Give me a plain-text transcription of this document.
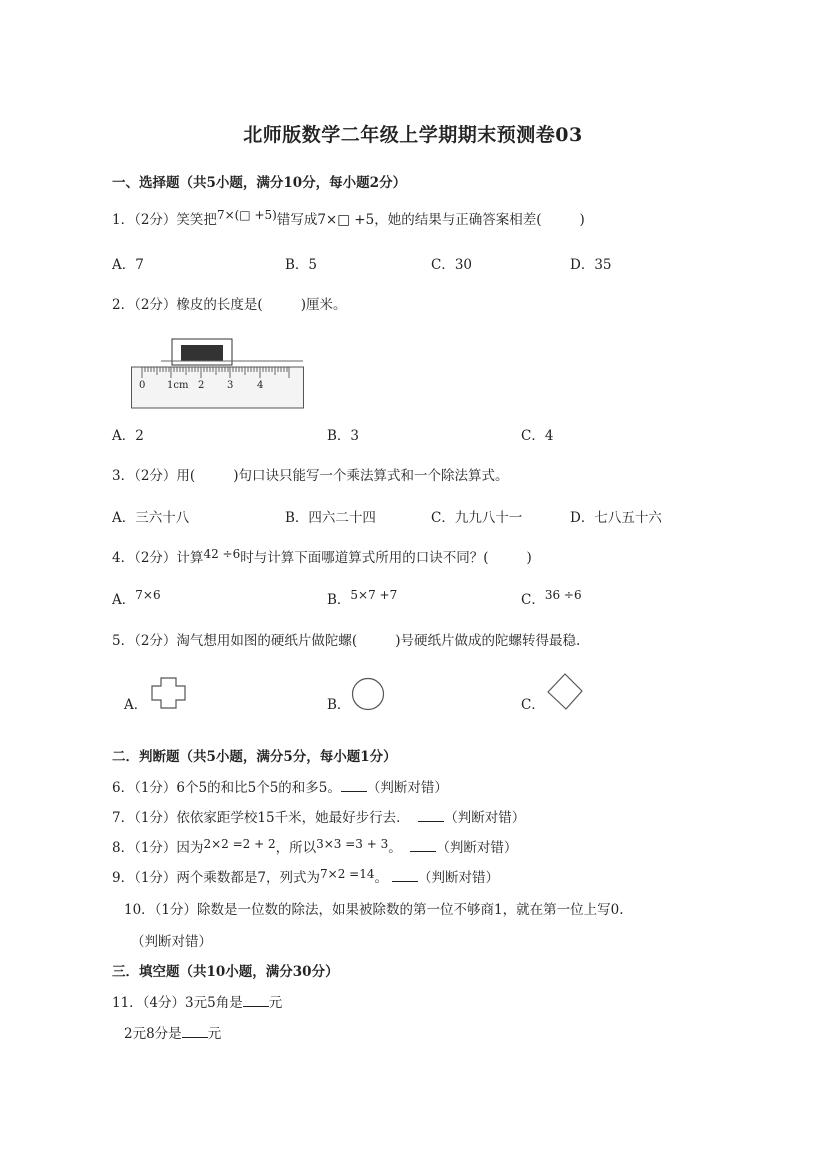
北师版数学二年级上学期期末预测卷03
一、选择题（共5小题，满分10分，每小题2分）
1．（2分）笑笑把7×(□ +5)错写成7×□ +5，她的结果与正确答案相差(	)
A．7	B．5	C．30	D．35
2．（2分）橡皮的长度是(	)厘米。
0 1cm 2 3 4
A．2	B．3	C．4
3．（2分）用(	)句口诀只能写一个乘法算式和一个除法算式。
A．三六十八	B．四六二十四	C．九九八十一	D．七八五十六
4．（2分）计算42 ÷6时与计算下面哪道算式所用的口诀不同？(	)
A．7×6	B．5×7 +7	C．36 ÷6
5．（2分）淘气想用如图的硬纸片做陀螺(	)号硬纸片做成的陀螺转得最稳.
A．	B．	C．
二．判断题（共5小题，满分5分，每小题1分）
6．（1分）6个5的和比5个5的和多5。 （判断对错）
7．（1分）依依家距学校15千米，她最好步行去．	（判断对错）
8．（1分）因为2×2 =2 + 2，所以3×3 =3 + 3。	（判断对错）
9．（1分）两个乘数都是7，列式为7×2 =14。 （判断对错）
10．（1分）除数是一位数的除法，如果被除数的第一位不够商1，就在第一位上写0.
（判断对错）
三．填空题（共10小题，满分30分）
11．（4分）3元5角是 元
2元8分是 元
